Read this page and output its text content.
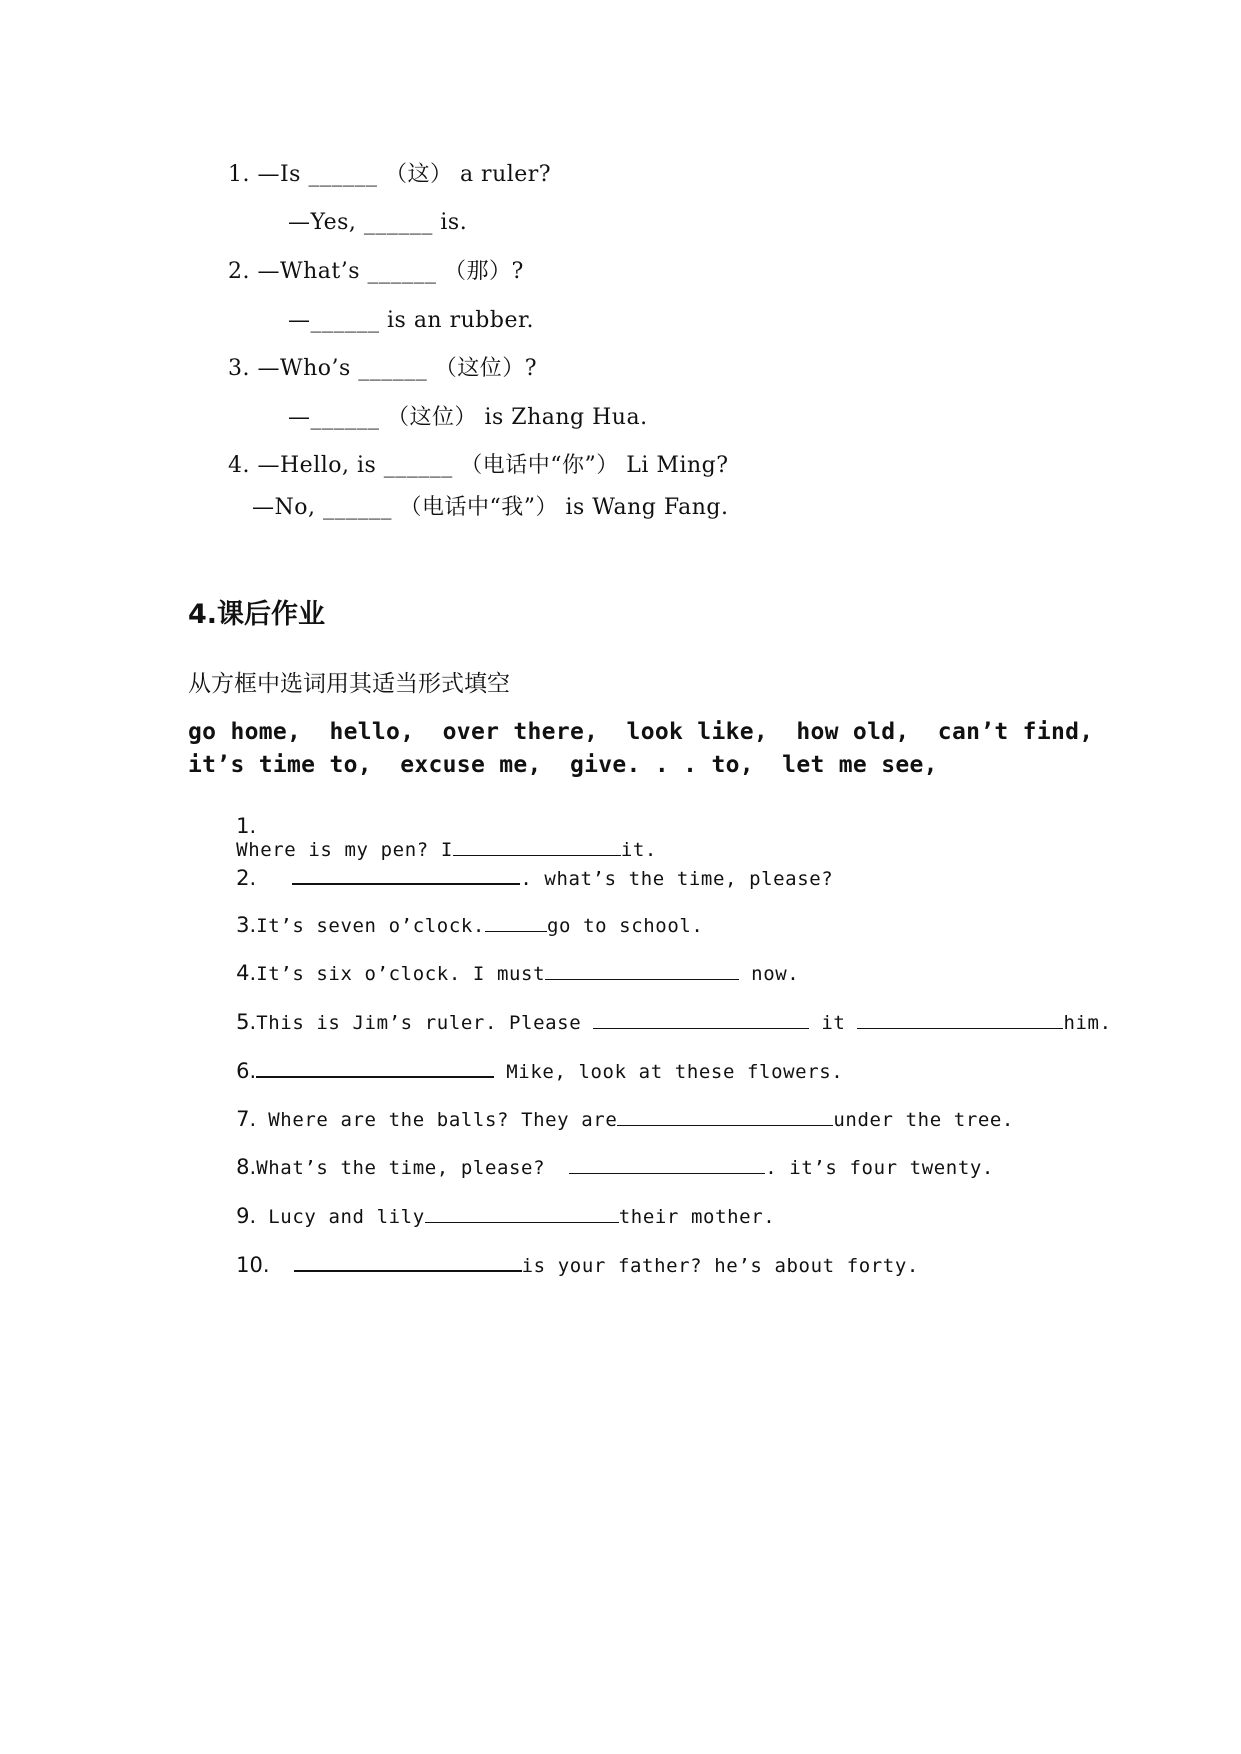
1. —Is ______ （这） a ruler?
—Yes, ______ is.
2. —What’s ______ （那）?
—______ is an rubber.
3. —Who’s ______ （这位）?
—______ （这位） is Zhang Hua.
4. —Hello, is ______ （电话中“你”） Li Ming?
—No, ______ （电话中“我”） is Wang Fang.
4.课后作业
从方框中选词用其适当形式填空
go home,  hello,  over there,  look like,  how old,  can’t find,
it’s time to,  excuse me,  give. . . to,  let me see,

1.
Where is my pen? I	it.

2.	. what’s the time, please?

3.It’s seven o’clock.	go to school.

4.It’s six o’clock. I must	now.

5.This is Jim’s ruler. Please	it	him.

6.	Mike, look at these flowers.

7. Where are the balls? They are	under the tree.

8.What’s the time, please?	. it’s four twenty.

9. Lucy and lily	their mother.

10.	is your father? he’s about forty.
